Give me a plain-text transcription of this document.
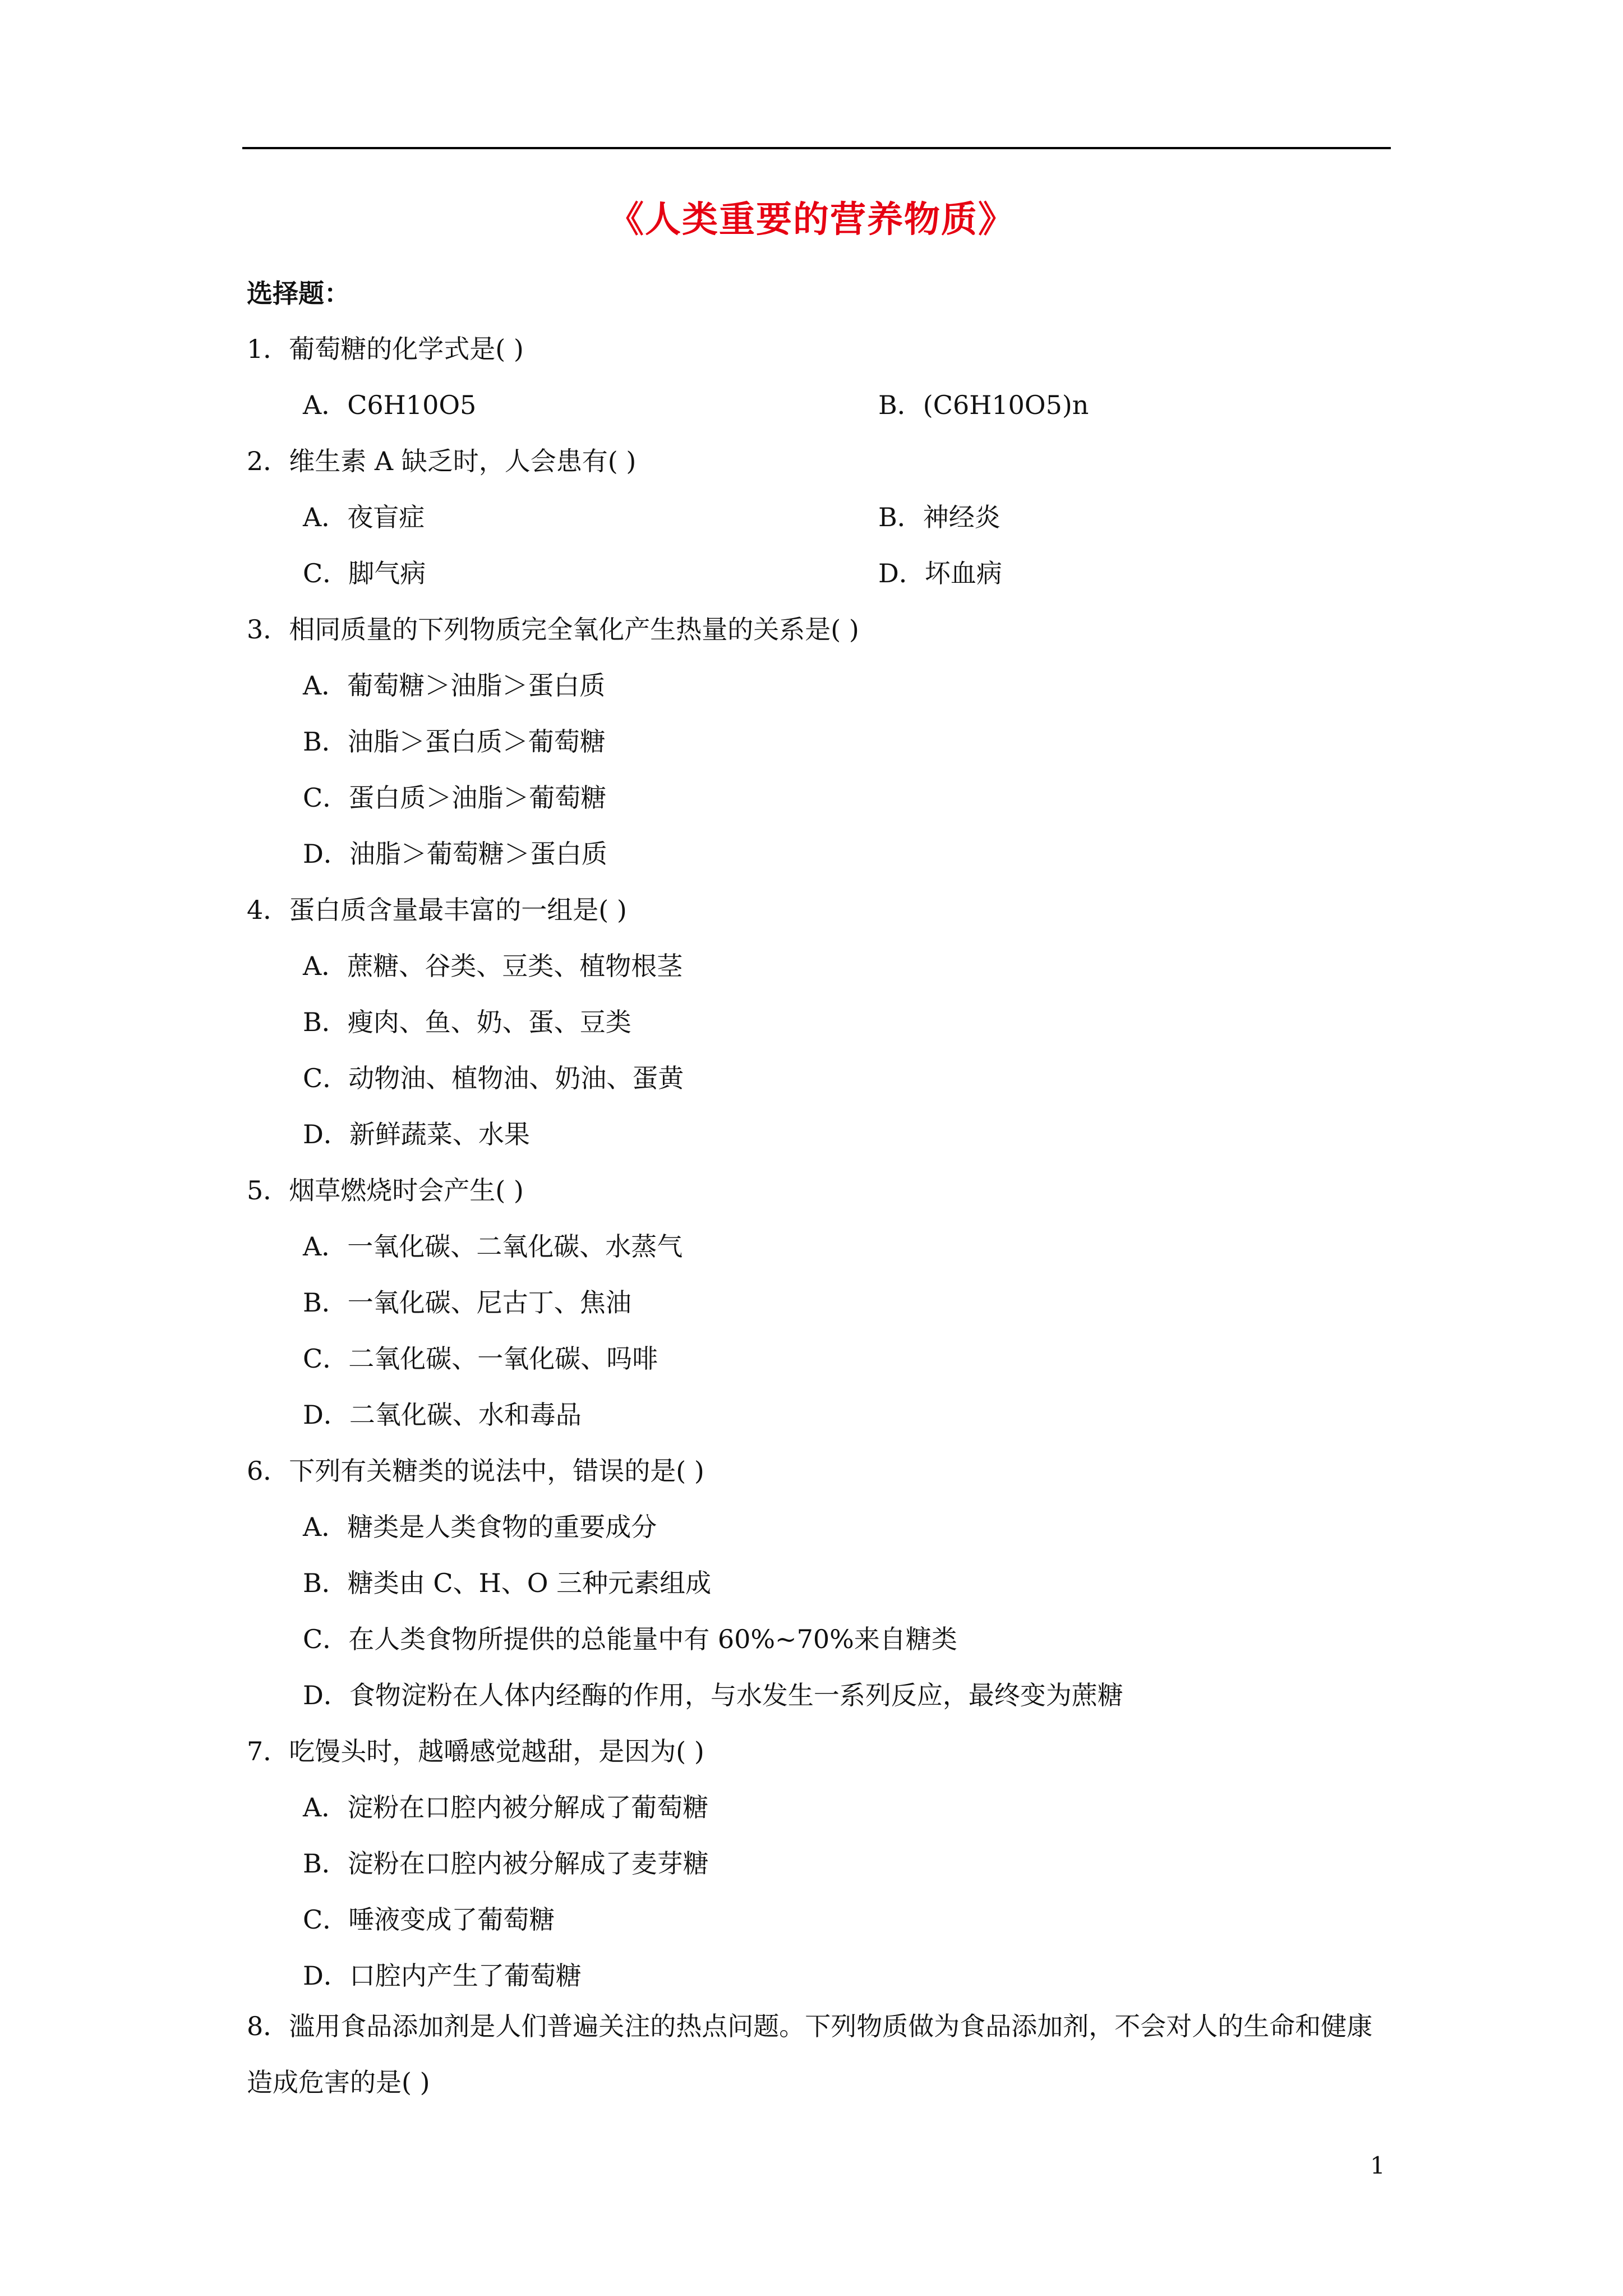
《人类重要的营养物质》
选择题：
1．葡萄糖的化学式是( )
A．C6H10O5	B．(C6H10O5)n
2．维生素 A 缺乏时，人会患有( )
A．夜盲症	B．神经炎
C．脚气病	D．坏血病
3．相同质量的下列物质完全氧化产生热量的关系是( )
A．葡萄糖＞油脂＞蛋白质
B．油脂＞蛋白质＞葡萄糖
C．蛋白质＞油脂＞葡萄糖
D．油脂＞葡萄糖＞蛋白质
4．蛋白质含量最丰富的一组是( )
A．蔗糖、谷类、豆类、植物根茎
B．瘦肉、鱼、奶、蛋、豆类
C．动物油、植物油、奶油、蛋黄
D．新鲜蔬菜、水果
5．烟草燃烧时会产生( )
A．一氧化碳、二氧化碳、水蒸气
B．一氧化碳、尼古丁、焦油
C．二氧化碳、一氧化碳、吗啡
D．二氧化碳、水和毒品
6．下列有关糖类的说法中，错误的是( )
A．糖类是人类食物的重要成分
B．糖类由 C、H、O 三种元素组成
C．在人类食物所提供的总能量中有 60%~70%来自糖类
D．食物淀粉在人体内经酶的作用，与水发生一系列反应，最终变为蔗糖
7．吃馒头时，越嚼感觉越甜，是因为( )
A．淀粉在口腔内被分解成了葡萄糖
B．淀粉在口腔内被分解成了麦芽糖
C．唾液变成了葡萄糖
D．口腔内产生了葡萄糖
8．滥用食品添加剂是人们普遍关注的热点问题。下列物质做为食品添加剂，不会对人的生命和健康造成危害的是( )
1
